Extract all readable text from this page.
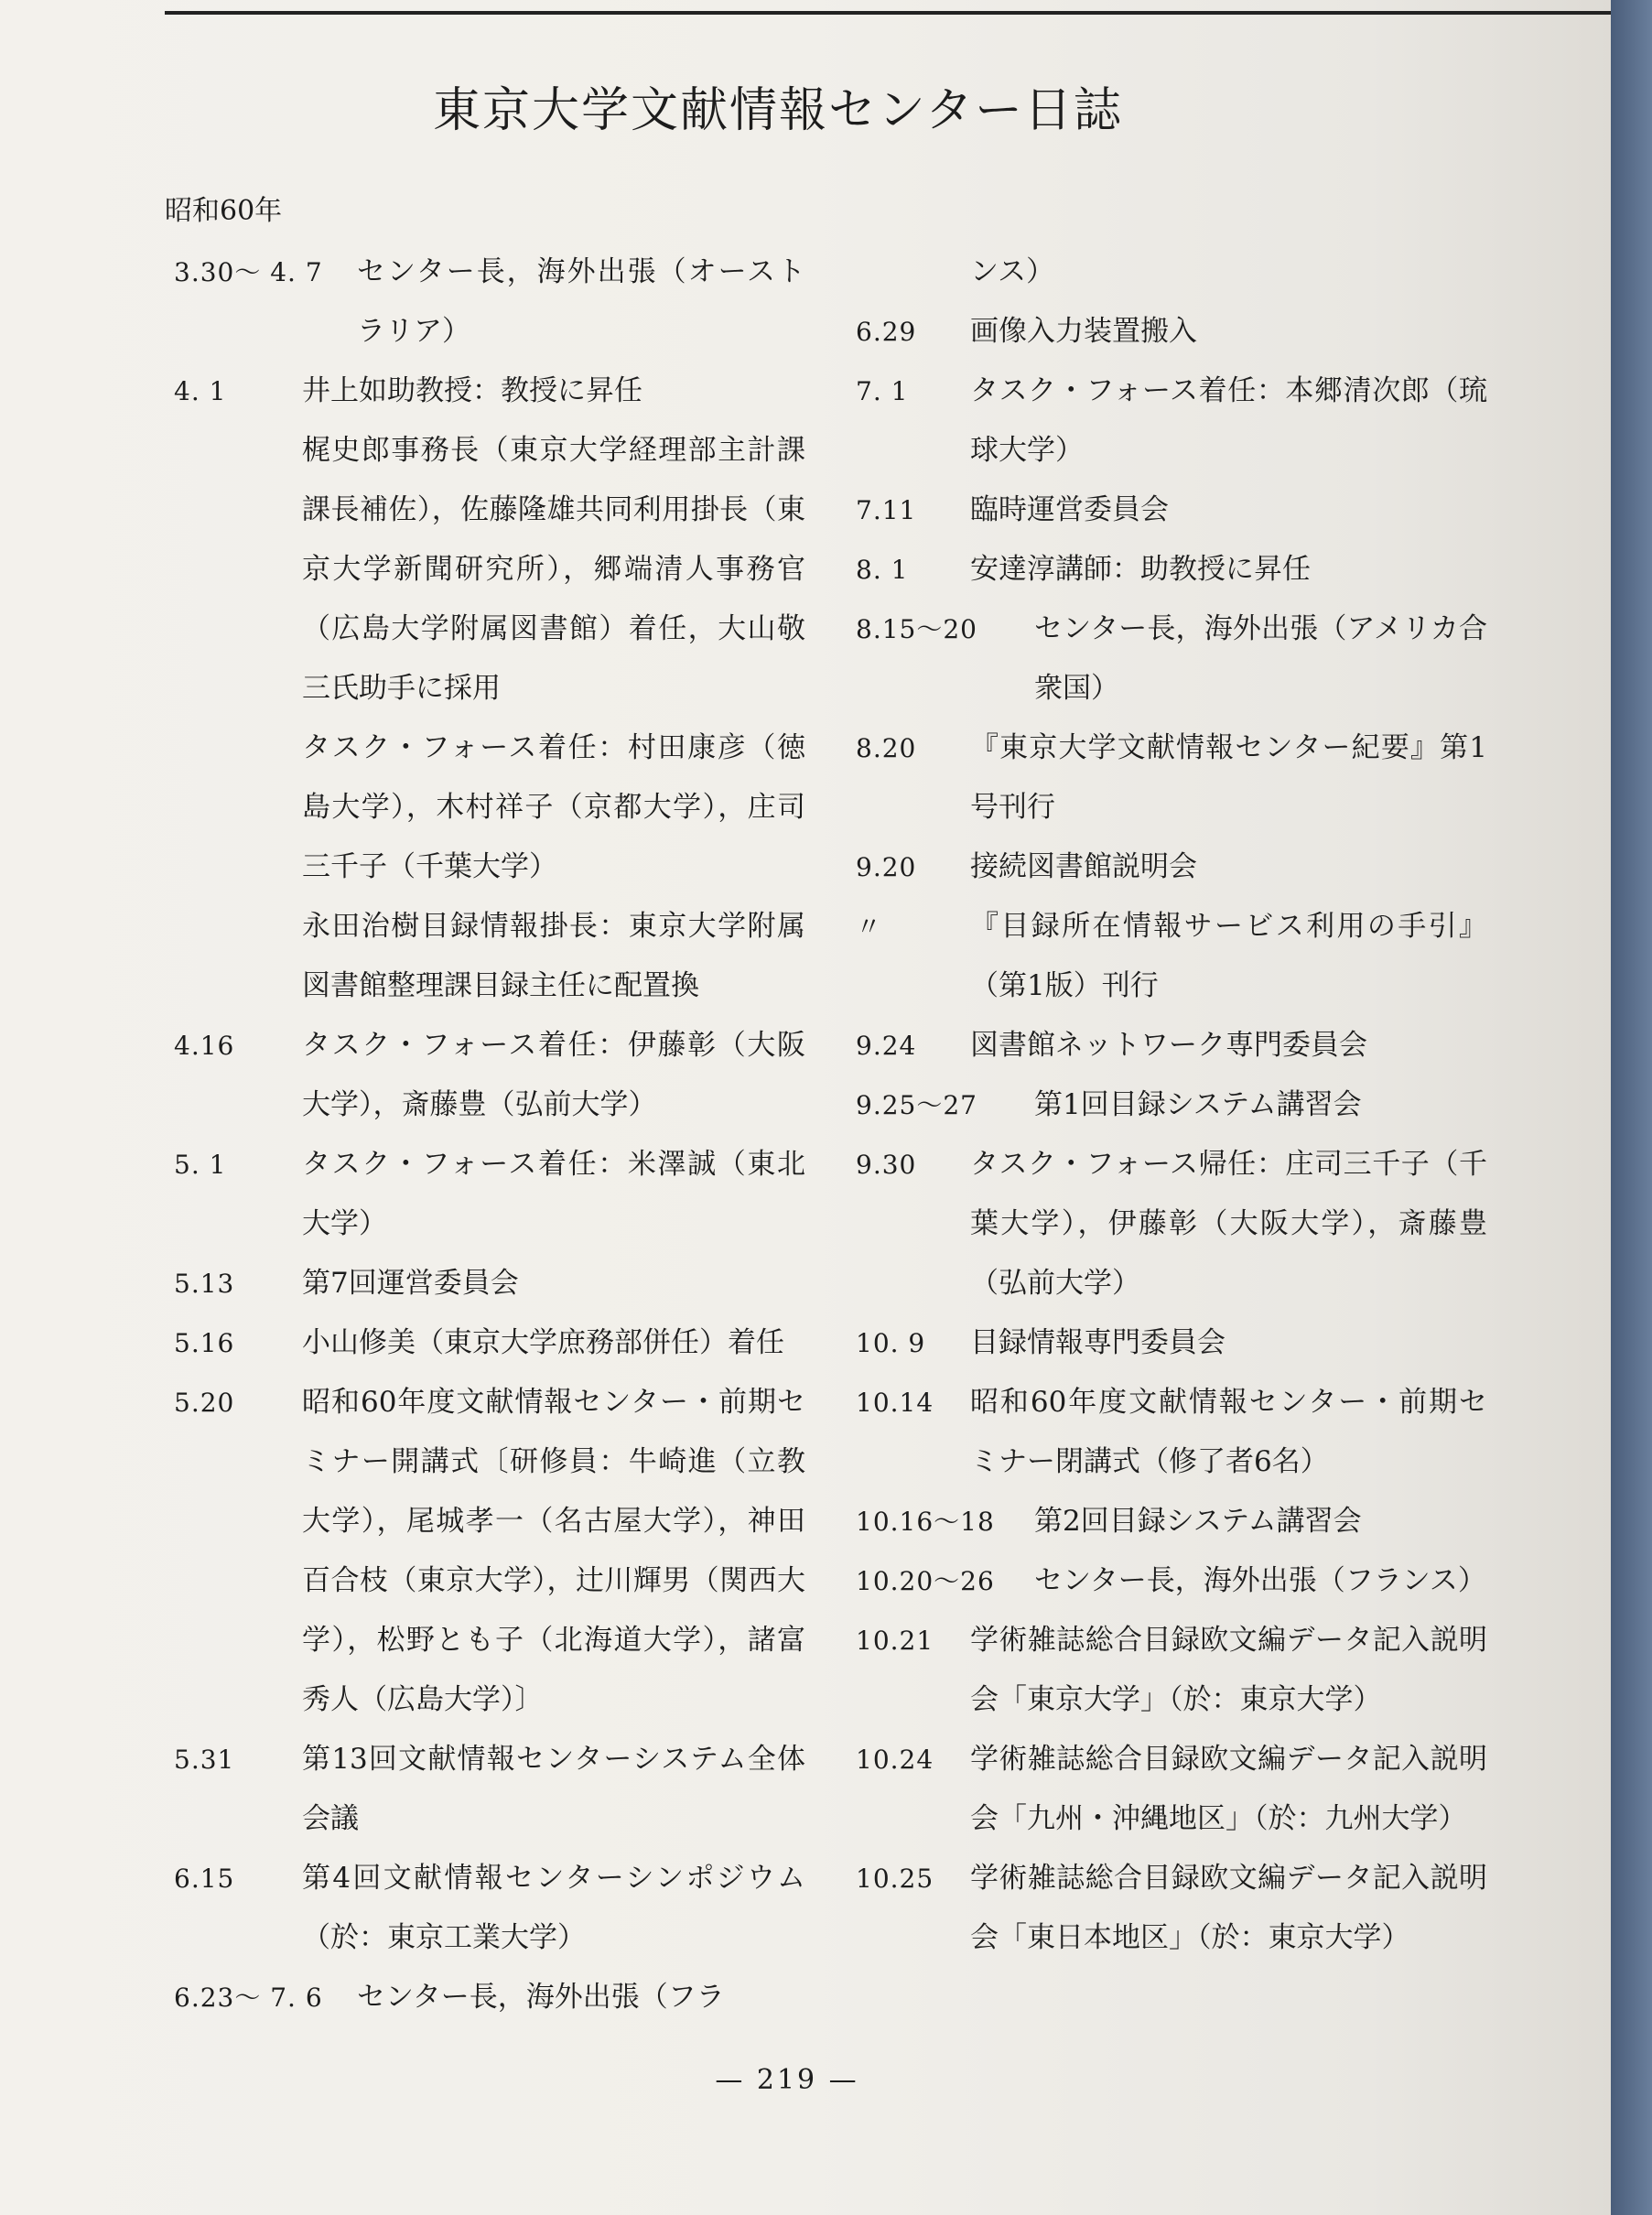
東京大学文献情報センター日誌

昭和60年

3.30〜 4. 7	センター長，海外出張（オーストラリア）
4. 1	井上如助教授：教授に昇任
梶史郎事務長（東京大学経理部主計課課長補佐），佐藤隆雄共同利用掛長（東京大学新聞研究所），郷端清人事務官（広島大学附属図書館）着任，大山敬三氏助手に採用
タスク・フォース着任：村田康彦（徳島大学），木村祥子（京都大学），庄司三千子（千葉大学）
永田治樹目録情報掛長：東京大学附属図書館整理課目録主任に配置換
4.16	タスク・フォース着任：伊藤彰（大阪大学），斎藤豊（弘前大学）
5. 1	タスク・フォース着任：米澤誠（東北大学）
5.13	第7回運営委員会
5.16	小山修美（東京大学庶務部併任）着任
5.20	昭和60年度文献情報センター・前期セミナー開講式〔研修員：牛崎進（立教大学），尾城孝一（名古屋大学），神田百合枝（東京大学），辻川輝男（関西大学），松野とも子（北海道大学），諸富秀人（広島大学）〕
5.31	第13回文献情報センターシステム全体会議
6.15	第4回文献情報センターシンポジウム（於：東京工業大学）
6.23〜 7. 6	センター長，海外出張（フラ
ンス）
6.29	画像入力装置搬入
7. 1	タスク・フォース着任：本郷清次郎（琉球大学）
7.11	臨時運営委員会
8. 1	安達淳講師：助教授に昇任
8.15〜20	センター長，海外出張（アメリカ合衆国）
8.20	『東京大学文献情報センター紀要』第1号刊行
9.20	接続図書館説明会
〃	『目録所在情報サービス利用の手引』（第1版）刊行
9.24	図書館ネットワーク専門委員会
9.25〜27	第1回目録システム講習会
9.30	タスク・フォース帰任：庄司三千子（千葉大学），伊藤彰（大阪大学），斎藤豊（弘前大学）
10. 9	目録情報専門委員会
10.14	昭和60年度文献情報センター・前期セミナー閉講式（修了者6名）
10.16〜18	第2回目録システム講習会
10.20〜26	センター長，海外出張（フランス）
10.21	学術雑誌総合目録欧文編データ記入説明会「東京大学」（於：東京大学）
10.24	学術雑誌総合目録欧文編データ記入説明会「九州・沖縄地区」（於：九州大学）
10.25	学術雑誌総合目録欧文編データ記入説明会「東日本地区」（於：東京大学）

— 219 —
